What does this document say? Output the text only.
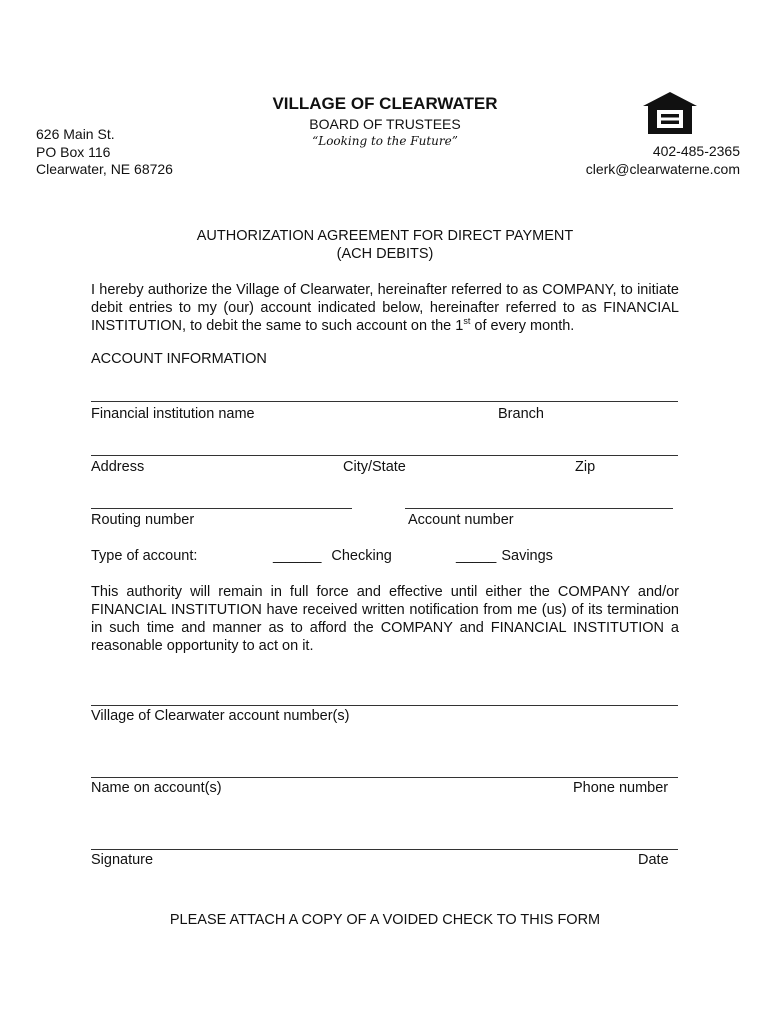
VILLAGE OF CLEARWATER
BOARD OF TRUSTEES
“Looking to the Future”
626 Main St.
PO Box 116
Clearwater, NE 68726
402-485-2365
clerk@clearwaterne.com
AUTHORIZATION AGREEMENT FOR DIRECT PAYMENT
(ACH DEBITS)
I hereby authorize the Village of Clearwater, hereinafter referred to as COMPANY, to initiate debit entries to my (our) account indicated below, hereinafter referred to as FINANCIAL INSTITUTION, to debit the same to such account on the 1st of every month.
ACCOUNT INFORMATION
Financial institution name	Branch
Address	City/State	Zip
Routing number	Account number
Type of account:	______ Checking	_____ Savings
This authority will remain in full force and effective until either the COMPANY and/or FINANCIAL INSTITUTION have received written notification from me (us) of its termination in such time and manner as to afford the COMPANY and FINANCIAL INSTITUTION a reasonable opportunity to act on it.
Village of Clearwater account number(s)
Name on account(s)	Phone number
Signature	Date
PLEASE ATTACH A COPY OF A VOIDED CHECK TO THIS FORM
